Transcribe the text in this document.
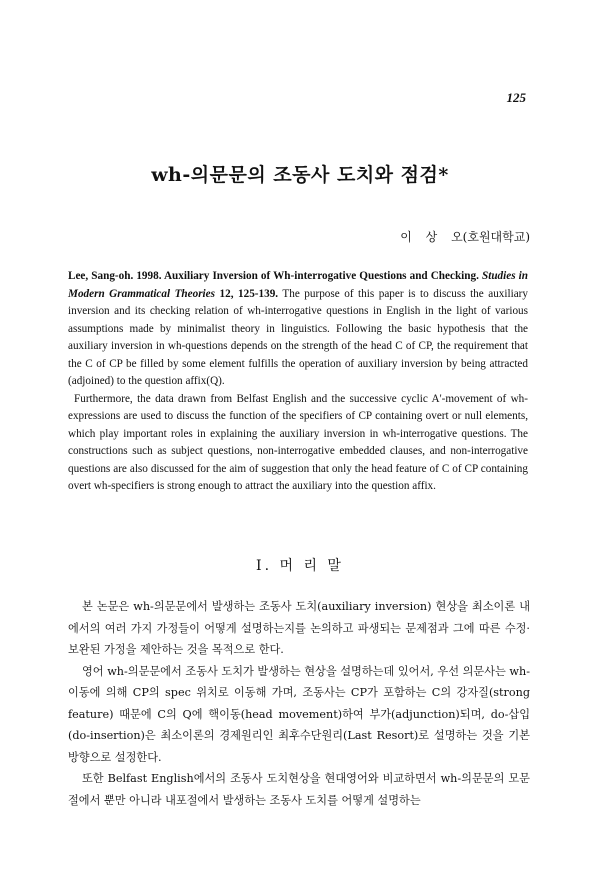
125
wh-의문문의 조동사 도치와 점검*
이 상 오(호원대학교)

Lee, Sang-oh. 1998. Auxiliary Inversion of Wh-interrogative Questions and Checking. Studies in Modern Grammatical Theories 12, 125-139. The purpose of this paper is to discuss the auxiliary inversion and its checking relation of wh-interrogative questions in English in the light of various assumptions made by minimalist theory in linguistics. Following the basic hypothesis that the auxiliary inversion in wh-questions depends on the strength of the head C of CP, the requirement that the C of CP be filled by some element fulfills the operation of auxiliary inversion by being attracted (adjoined) to the question affix(Q).

Furthermore, the data drawn from Belfast English and the successive cyclic A'-movement of wh-expressions are used to discuss the function of the specifiers of CP containing overt or null elements, which play important roles in explaining the auxiliary inversion in wh-interrogative questions. The constructions such as subject questions, non-interrogative embedded clauses, and non-interrogative questions are also discussed for the aim of suggestion that only the head feature of C of CP containing overt wh-specifiers is strong enough to attract the auxiliary into the question affix.

I. 머 리 말

본 논문은 wh-의문문에서 발생하는 조동사 도치(auxiliary inversion) 현상을 최소이론 내에서의 여러 가지 가정들이 어떻게 설명하는지를 논의하고 파생되는 문제점과 그에 따른 수정·보완된 가정을 제안하는 것을 목적으로 한다.

영어 wh-의문문에서 조동사 도치가 발생하는 현상을 설명하는데 있어서, 우선 의문사는 wh-이동에 의해 CP의 spec 위치로 이동해 가며, 조동사는 CP가 포함하는 C의 강자질(strong feature) 때문에 C의 Q에 핵이동(head movement)하여 부가(adjunction)되며, do-삽입(do-insertion)은 최소이론의 경제원리인 최후수단원리(Last Resort)로 설명하는 것을 기본 방향으로 설정한다.

또한 Belfast English에서의 조동사 도치현상을 현대영어와 비교하면서 wh-의문문의 모문절에서 뿐만 아니라 내포절에서 발생하는 조동사 도치를 어떻게 설명하는
